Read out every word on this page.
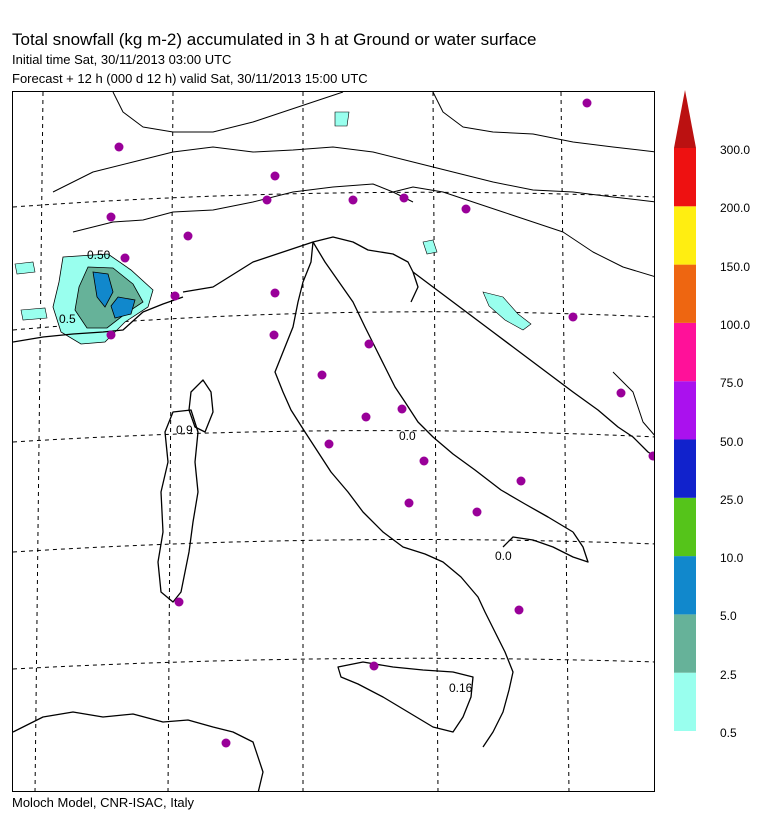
Total snowfall (kg m-2) accumulated in 3 h at Ground or water surface
Initial time Sat, 30/11/2013 03:00 UTC
Forecast + 12 h (000 d 12 h) valid Sat, 30/11/2013 15:00 UTC
0.9	0.0
0.0
0.16
0.50
0.5
0.5
2.5
5.0
10.0
25.0
50.0
75.0
100.0
150.0
200.0
300.0
Moloch Model, CNR-ISAC, Italy
